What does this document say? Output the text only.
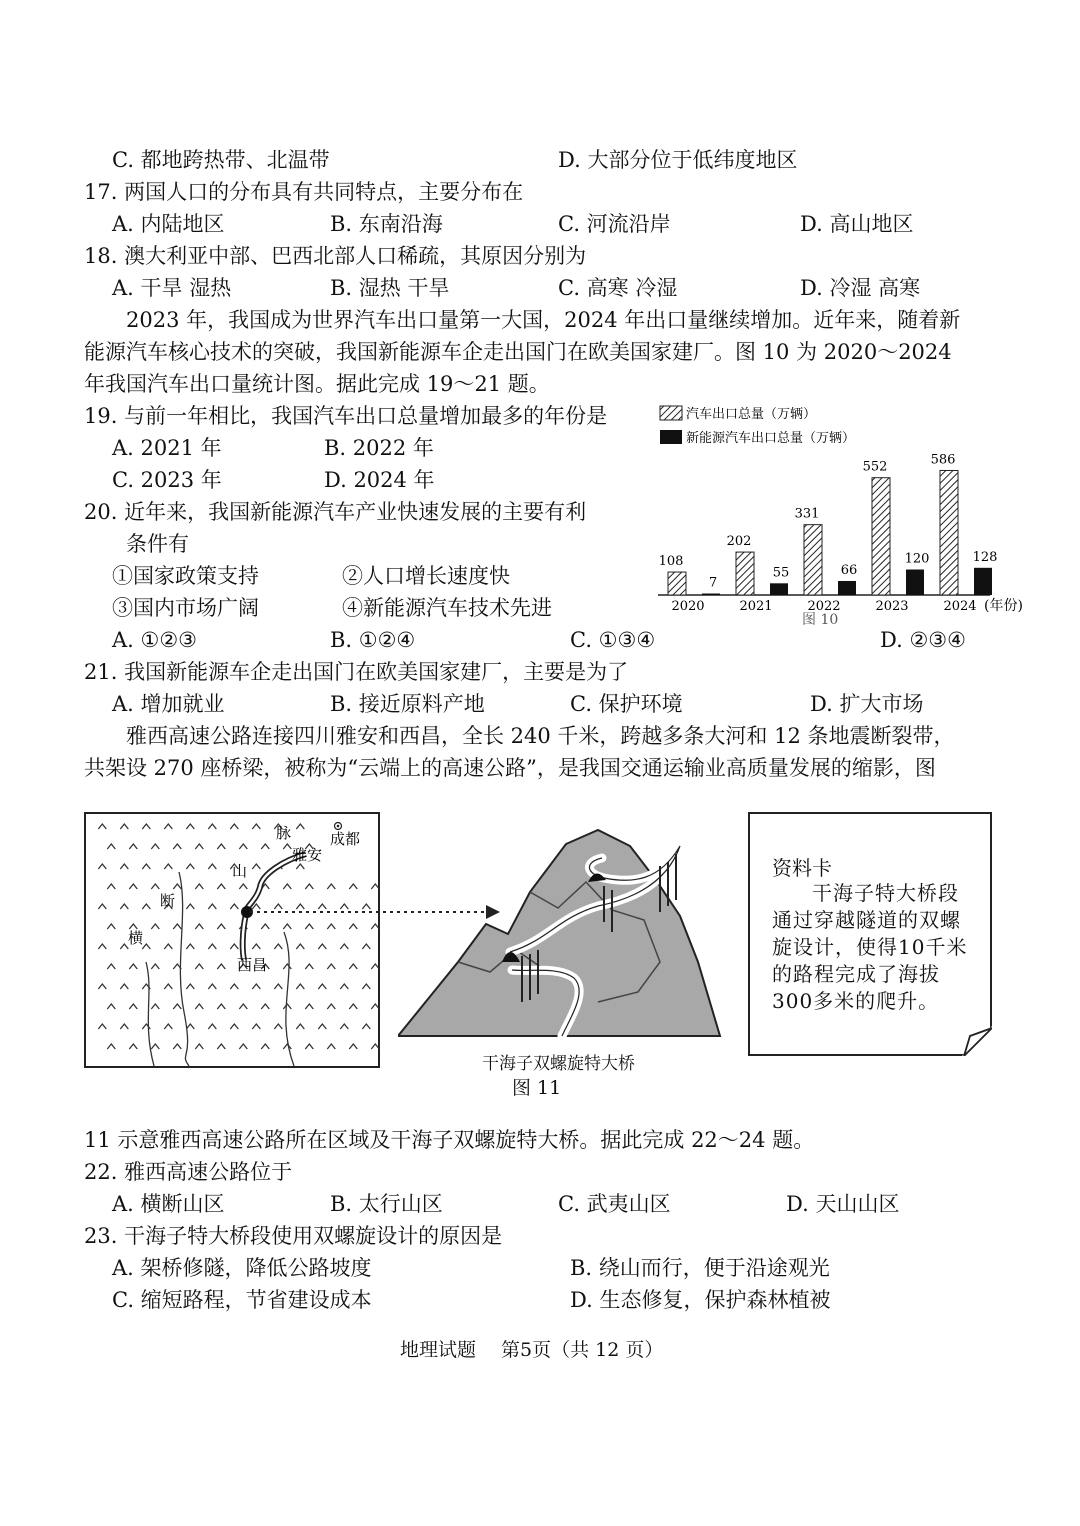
C. 都地跨热带、北温带	D. 大部分位于低纬度地区
17. 两国人口的分布具有共同特点，主要分布在
A. 内陆地区	B. 东南沿海	C. 河流沿岸	D. 高山地区
18. 澳大利亚中部、巴西北部人口稀疏，其原因分别为
A. 干旱 湿热	B. 湿热 干旱	C. 高寒 冷湿	D. 冷湿 高寒
2023 年，我国成为世界汽车出口量第一大国，2024 年出口量继续增加。近年来，随着新
能源汽车核心技术的突破，我国新能源车企走出国门在欧美国家建厂。图 10 为 2020～2024
年我国汽车出口量统计图。据此完成 19～21 题。
19. 与前一年相比，我国汽车出口总量增加最多的年份是
A. 2021 年	B. 2022 年
C. 2023 年	D. 2024 年
20. 近年来，我国新能源汽车产业快速发展的主要有利
条件有
①国家政策支持	②人口增长速度快
③国内市场广阔	④新能源汽车技术先进
A. ①②③	B. ①②④	C. ①③④	D. ②③④
汽车出口总量（万辆）
新能源汽车出口总量（万辆）
108
7
2020
202
55
2021
331
66
2022
552
120
2023
586
128
2024 (年份)
图 10
21. 我国新能源车企走出国门在欧美国家建厂，主要是为了
A. 增加就业	B. 接近原料产地	C. 保护环境	D. 扩大市场
雅西高速公路连接四川雅安和西昌，全长 240 千米，跨越多条大河和 12 条地震断裂带，
共架设 270 座桥梁，被称为“云端上的高速公路”，是我国交通运输业高质量发展的缩影，图
成都
雅安
西昌
脉
山
断
横
干海子双螺旋特大桥
图 11
资料卡
干海子特大桥段通过穿越隧道的双螺旋设计，使得10千米的路程完成了海拔300多米的爬升。
11 示意雅西高速公路所在区域及干海子双螺旋特大桥。据此完成 22～24 题。
22. 雅西高速公路位于
A. 横断山区	B. 太行山区	C. 武夷山区	D. 天山山区
23. 干海子特大桥段使用双螺旋设计的原因是
A. 架桥修隧，降低公路坡度	B. 绕山而行，便于沿途观光
C. 缩短路程，节省建设成本	D. 生态修复，保护森林植被
地理试题　 第5页（共 12 页）
